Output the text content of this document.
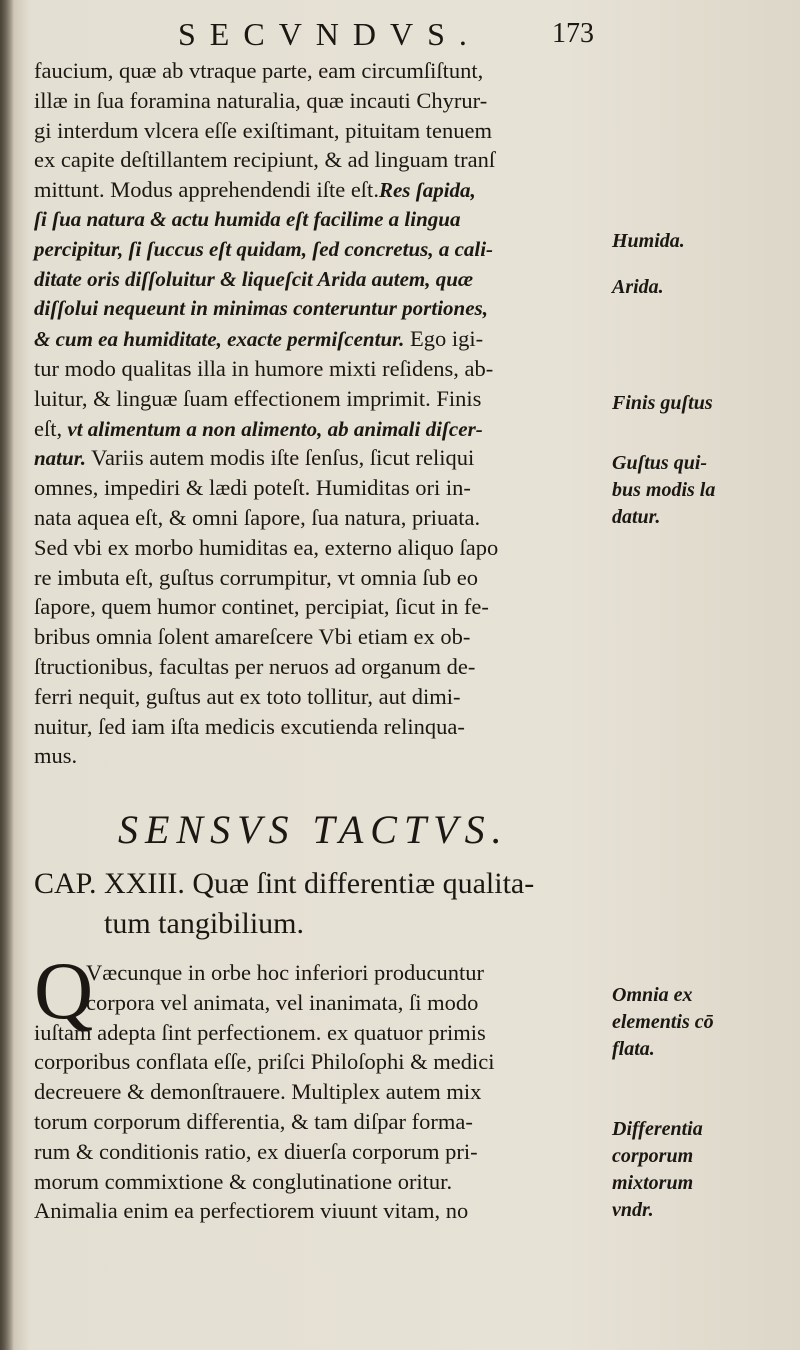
SECVNDVS.	173
faucium, quæ ab vtraque parte, eam circumſiſtunt,
illæ in ſua foramina naturalia, quæ incauti Chyrur-
gi interdum vlcera eſſe exiſtimant, pituitam tenuem
ex capite deſtillantem recipiunt, & ad linguam tranſ
mittunt. Modus apprehendendi iſte eſt.Res ſapida,
ſi ſua natura & actu humida eſt facilime a lingua
percipitur, ſi ſuccus eſt quidam, ſed concretus, a cali-
ditate oris diſſoluitur & liqueſcit Arida autem, quæ
diſſolui nequeunt in minimas conteruntur portiones,
& cum ea humiditate, exacte permiſcentur. Ego igi-
tur modo qualitas illa in humore mixti reſidens, ab-
luitur, & linguæ ſuam effectionem imprimit. Finis
eſt, vt alimentum a non alimento, ab animali diſcer-
natur. Variis autem modis iſte ſenſus, ſicut reliqui
omnes, impediri & lædi poteſt. Humiditas ori in-
nata aquea eſt, & omni ſapore, ſua natura, priuata.
Sed vbi ex morbo humiditas ea, externo aliquo ſapo
re imbuta eſt, guſtus corrumpitur, vt omnia ſub eo
ſapore, quem humor continet, percipiat, ſicut in fe-
bribus omnia ſolent amareſcere Vbi etiam ex ob-
ſtructionibus, facultas per neruos ad organum de-
ferri nequit, guſtus aut ex toto tollitur, aut dimi-
nuitur, ſed iam iſta medicis excutienda relinqua-
mus.
SENSVS TACTVS.
CAP. XXIII. Quæ ſint differentiæ qualita-
tum tangibilium.
Q
Væcunque in orbe hoc inferiori producuntur
corpora vel animata, vel inanimata, ſi modo
iuſtam adepta ſint perfectionem. ex quatuor primis
corporibus conflata eſſe, priſci Philoſophi & medici
decreuere & demonſtrauere. Multiplex autem mix
torum corporum differentia, & tam diſpar forma-
rum & conditionis ratio, ex diuerſa corporum pri-
morum commixtione & conglutinatione oritur.
Animalia enim ea perfectiorem viuunt vitam, no
Humida.
Arida.
Finis guſtus
Guſtus qui-
bus modis la
datur.
Omnia ex
elementis cō
flata.
Differentia
corporum
mixtorum
vndr.
